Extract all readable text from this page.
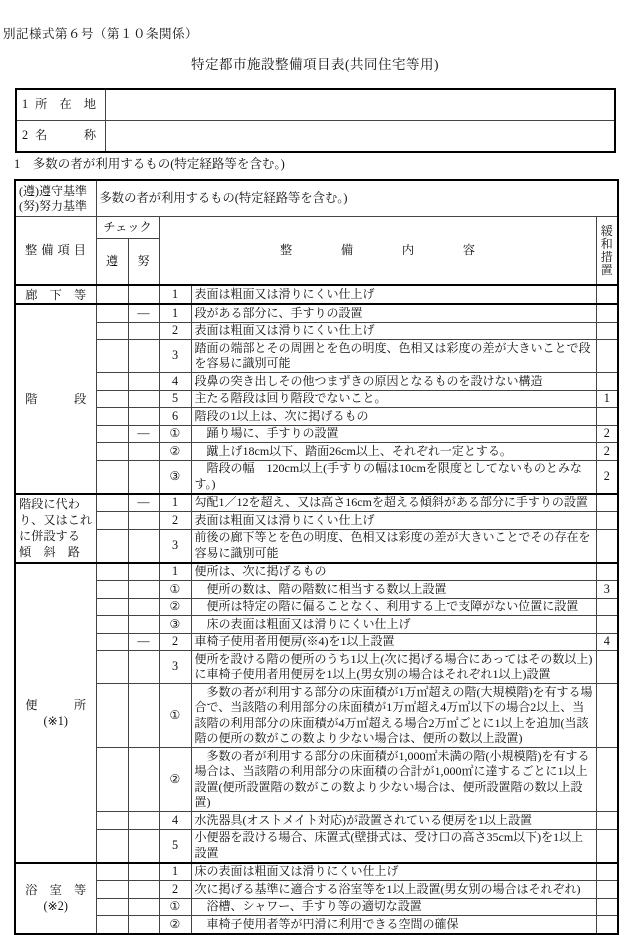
別記様式第６号（第１０条関係）
特定都市施設整備項目表(共同住宅等用)
1 所　在　地	
2 名　　　称	
1　多数の者が利用するもの(特定経路等を含む。)
(遵)遵守基準
(努)努力基準	多数の者が利用するもの(特定経路等を含む。)				
整 備 項 目	チェック		整　　　　備　　　　内　　　　容		緩和措置

	遵	努			

廊　下　等			1	表面は粗面又は滑りにくい仕上げ	

階　　　段		―	1	段がある部分に、手すりの設置	
			2	表面は粗面又は滑りにくい仕上げ	
			3	踏面の端部とその周囲とを色の明度、色相又は彩度の差が大きいことで段を容易に識別可能	
			4	段鼻の突き出しその他つまずきの原因となるものを設けない構造	
			5	主たる階段は回り階段でないこと。	1
			6	階段の1以上は、次に掲げるもの	
		―	①	　踊り場に、手すりの設置	2
			②	　蹴上げ18cm以下、踏面26cm以上、それぞれ一定とする。	2
			③	　階段の幅　120cm以上(手すりの幅は10cmを限度としてないものとみなす。)	2

階段に代わ
り、又はこれ
に併設する
傾　斜　路		―	1	勾配1／12を超え、又は高さ16cmを超える傾斜がある部分に手すりの設置	
			2	表面は粗面又は滑りにくい仕上げ	
			3	前後の廊下等とを色の明度、色相又は彩度の差が大きいことでその存在を容易に識別可能	

便　　　所
(※1)			1	便所は、次に掲げるもの	
			①	　便所の数は、階の階数に相当する数以上設置	3
			②	　便所は特定の階に偏ることなく、利用する上で支障がない位置に設置	
			③	　床の表面は粗面又は滑りにくい仕上げ	
		―	2	車椅子使用者用便房(※4)を1以上設置	4
			3	便所を設ける階の便所のうち1以上(次に掲げる場合にあってはその数以上)に車椅子使用者用便房を1以上(男女別の場合はそれぞれ1以上)設置	
			①	　多数の者が利用する部分の床面積が1万㎡超えの階(大規模階)を有する場合で、当該階の利用部分の床面積が1万㎡超え4万㎡以下の場合2以上、当該階の利用部分の床面積が4万㎡超える場合2万㎡ごとに1以上を追加(当該階の便所の数がこの数より少ない場合は、便所の数以上設置)	
			②	　多数の者が利用する部分の床面積が1,000㎡未満の階(小規模階)を有する場合は、当該階の利用部分の床面積の合計が1,000㎡に達するごとに1以上設置(便所設置階の数がこの数より少ない場合は、便所設置階の数以上設置)	
			4	水洗器具(オストメイト対応)が設置されている便房を1以上設置	
			5	小便器を設ける場合、床置式(壁掛式は、受け口の高さ35cm以下)を1以上設置	

浴　室　等
(※2)			1	床の表面は粗面又は滑りにくい仕上げ	
			2	次に掲げる基準に適合する浴室等を1以上設置(男女別の場合はそれぞれ)	
			①	　浴槽、シャワー、手すり等の適切な設置	
			②	　車椅子使用者等が円滑に利用できる空間の確保	
